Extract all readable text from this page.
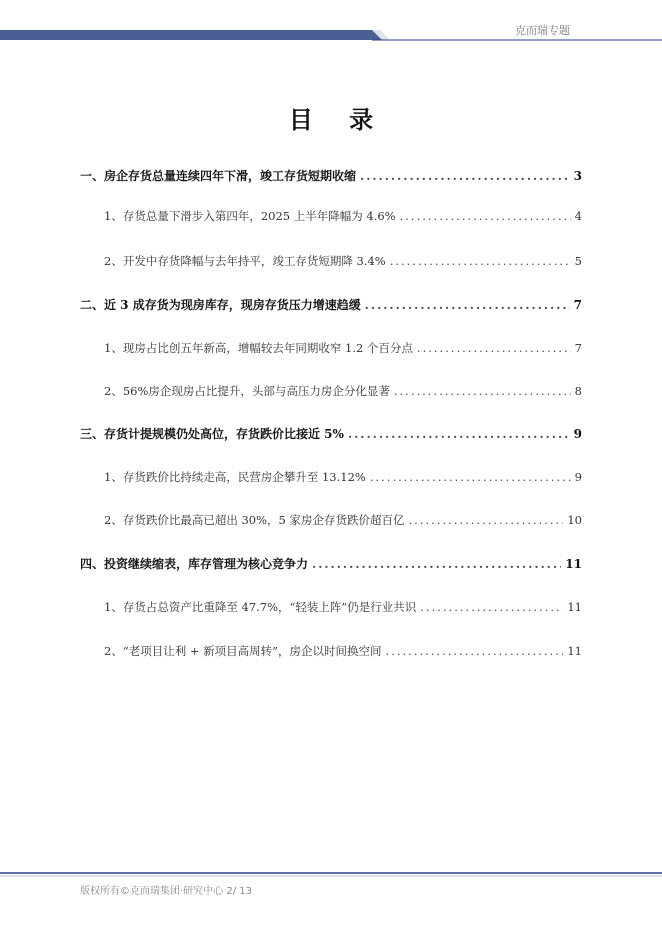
克而瑞专题
目 录
一、房企存货总量连续四年下滑，竣工存货短期收缩 .....	3
1、存货总量下滑步入第四年，2025 上半年降幅为 4.6% .....	4
2、开发中存货降幅与去年持平，竣工存货短期降 3.4% .....	5
二、近 3 成存货为现房库存，现房存货压力增速趋缓 .....	7
1、现房占比创五年新高，增幅较去年同期收窄 1.2 个百分点 .....	7
2、56%房企现房占比提升，头部与高压力房企分化显著 .....	8
三、存货计提规模仍处高位，存货跌价比接近 5% .....	9
1、存货跌价比持续走高，民营房企攀升至 13.12% .....	9
2、存货跌价比最高已超出 30%，5 家房企存货跌价超百亿 .....	10
四、投资继续缩表，库存管理为核心竞争力 .....	11
1、存货占总资产比重降至 47.7%，“轻装上阵”仍是行业共识 .....	11
2、“老项目让利 + 新项目高周转”，房企以时间换空间 .....	11
版权所有©克而瑞集团·研究中心 2/ 13
